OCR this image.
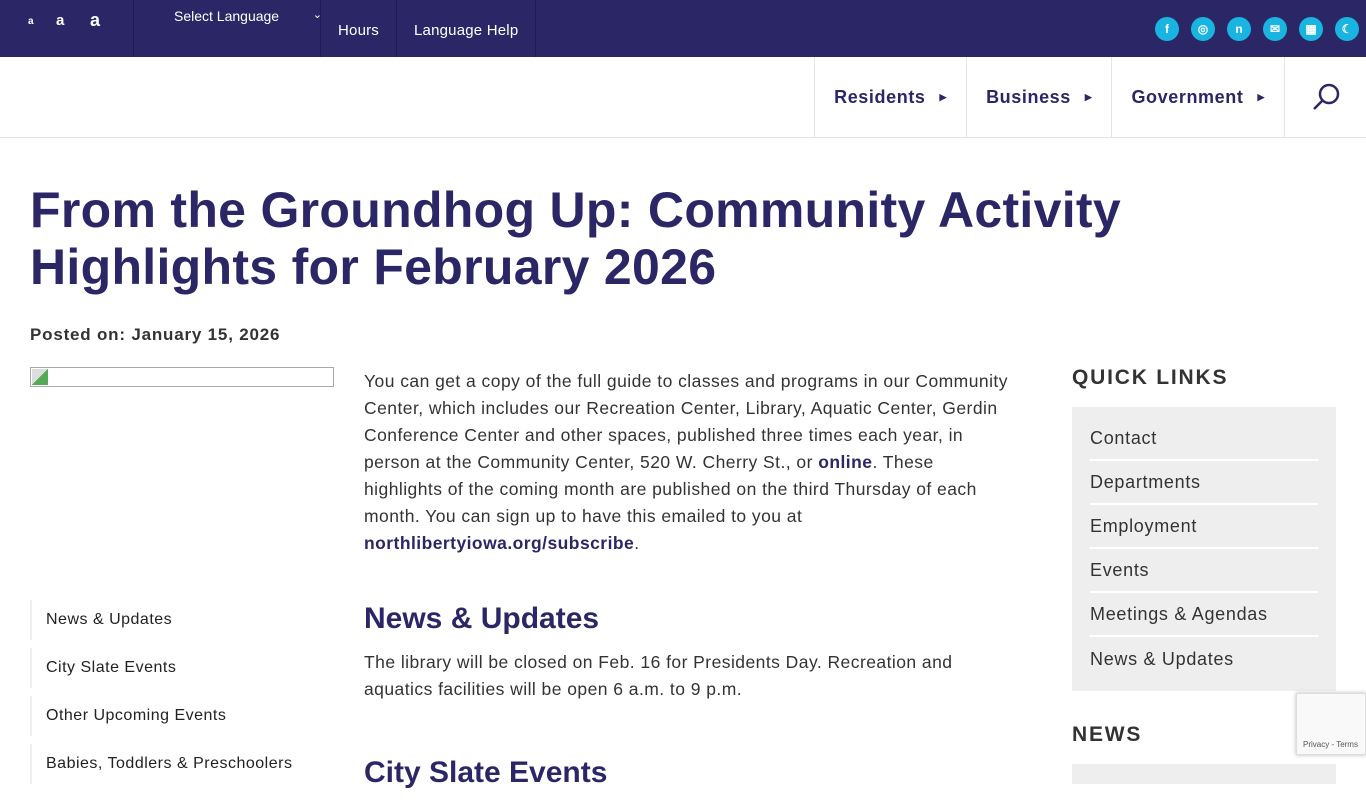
a	a	a	Select Language	⌄
Hours	Language Help	f	◎	n	✉	▦	☾
Residents ▶ Business ▶ Government ▶
From the Groundhog Up: Community Activity Highlights for February 2026
Posted on: January 15, 2026
News & Updates
City Slate Events
Other Upcoming Events
Babies, Toddlers & Preschoolers

You can get a copy of the full guide to classes and programs in our Community Center, which includes our Recreation Center, Library, Aquatic Center, Gerdin Conference Center and other spaces, published three times each year, in person at the Community Center, 520 W. Cherry St., or online. These highlights of the coming month are published on the third Thursday of each month. You can sign up to have this emailed to you at northlibertyiowa.org/subscribe.

News & Updates

The library will be closed on Feb. 16 for Presidents Day. Recreation and aquatics facilities will be open 6 a.m. to 9 p.m.

City Slate Events
QUICK LINKS
Contact
Departments
Employment
Events
Meetings & Agendas
News & Updates
NEWS	Privacy - Terms
